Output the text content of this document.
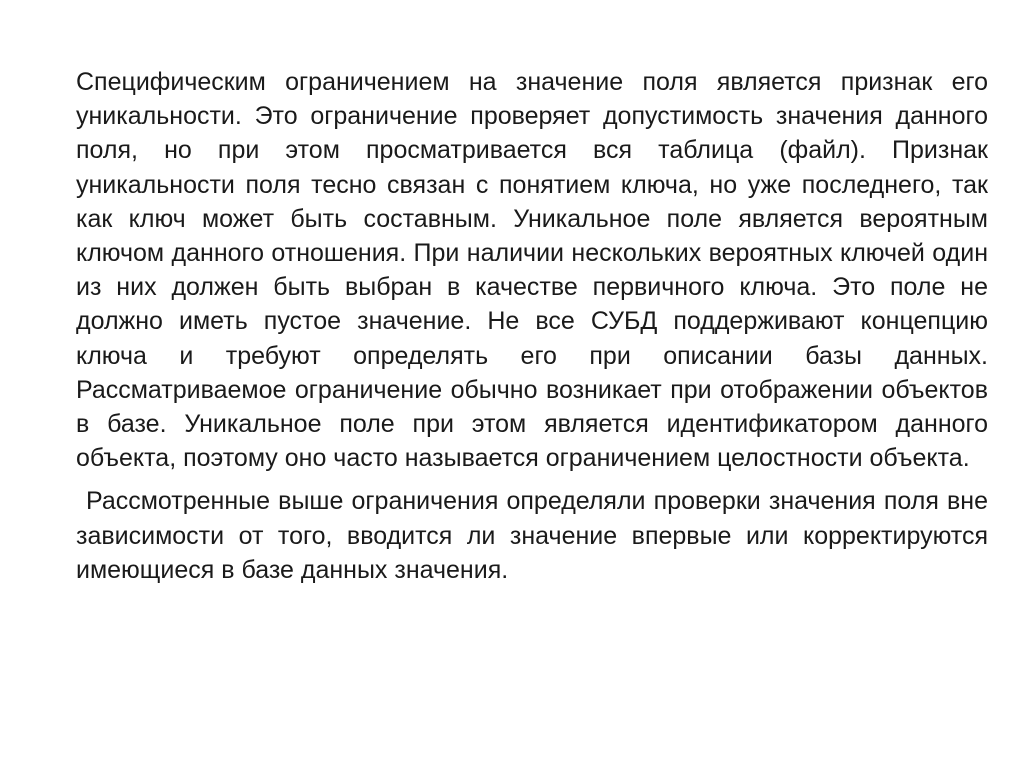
Специфическим ограничением на значение поля является признак его уникальности. Это ограничение проверяет допустимость значения данного поля, но при этом просматривается вся таблица (файл). Признак уникальности поля тесно связан с понятием ключа, но уже последнего, так как ключ может быть составным. Уникальное поле является вероятным ключом данного отношения. При наличии нескольких вероятных ключей один из них должен быть выбран в качестве первичного ключа. Это поле не должно иметь пустое значение. Не все СУБД поддерживают концепцию ключа и требуют определять его при описании базы данных. Рассматриваемое ограничение обычно возникает при отображении объектов в базе. Уникальное поле при этом является идентификатором данного объекта, поэтому оно часто называется ограничением целостности объекта.

Рассмотренные выше ограничения определяли проверки значения поля вне зависимости от того, вводится ли значение впервые или корректируются имеющиеся в базе данных значения.
